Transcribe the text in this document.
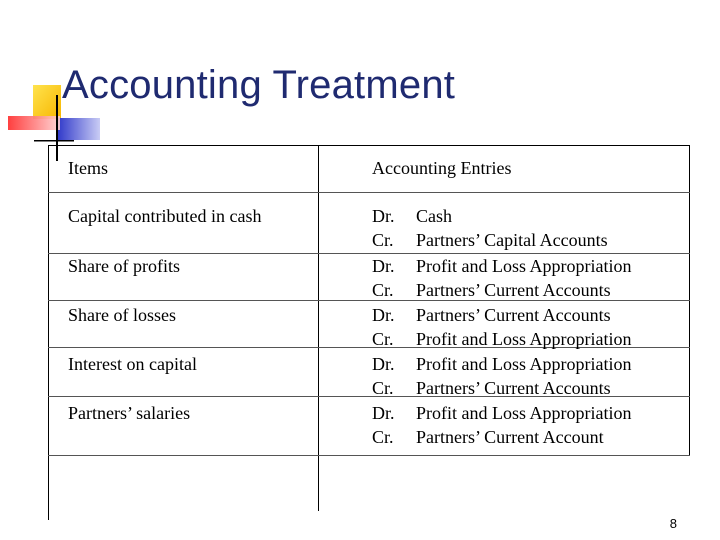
Accounting Treatment
Items	Accounting Entries
Capital contributed in cash	Dr. Cash
Cr. Partners’ Capital Accounts
Share of profits	Dr. Profit and Loss Appropriation
Cr. Partners’ Current Accounts
Share of losses	Dr. Partners’ Current Accounts
Cr. Profit and Loss Appropriation
Interest on capital	Dr. Profit and Loss Appropriation
Cr. Partners’ Current Accounts
Partners’ salaries	Dr. Profit and Loss Appropriation
Cr. Partners’ Current Account
8
